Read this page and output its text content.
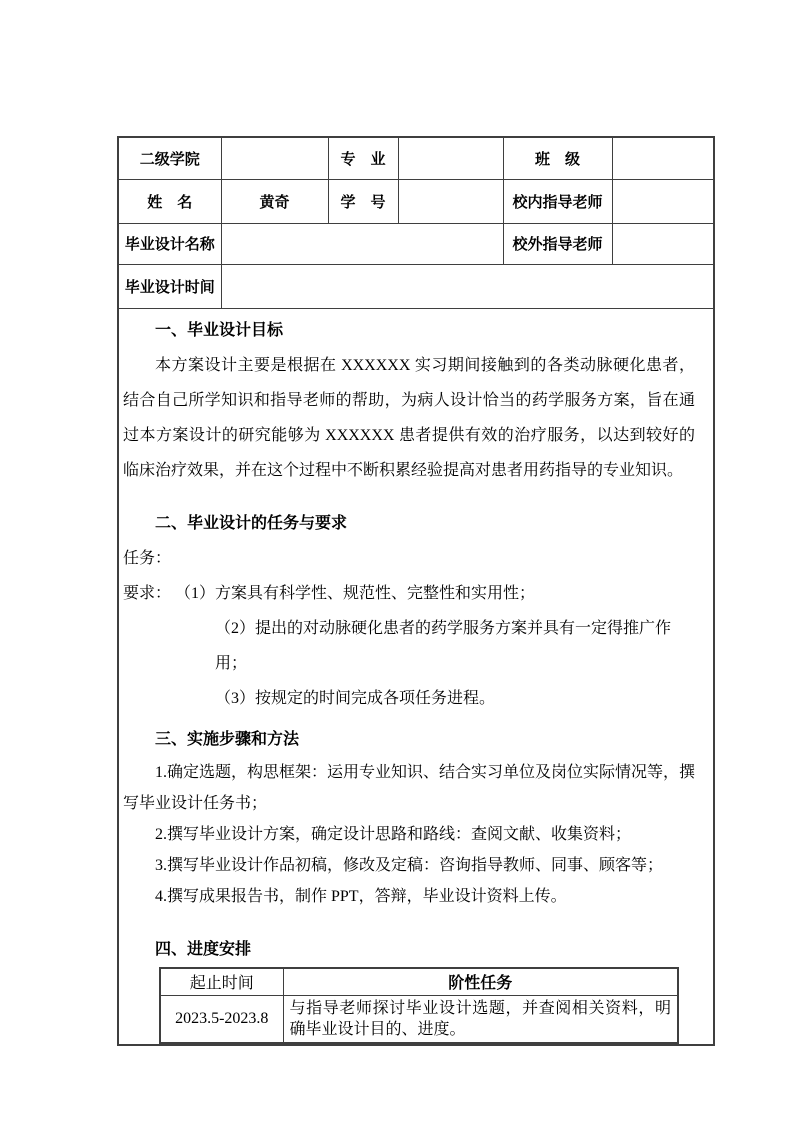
二级学院		专　业		班　级	
姓　名	黄奇	学　号		校内指导老师	
毕业设计名称		校外指导老师	
毕业设计时间	

一、毕业设计目标

本方案设计主要是根据在 XXXXXX 实习期间接触到的各类动脉硬化患者，结合自己所学知识和指导老师的帮助，为病人设计恰当的药学服务方案，旨在通过本方案设计的研究能够为 XXXXXX 患者提供有效的治疗服务，以达到较好的临床治疗效果，并在这个过程中不断积累经验提高对患者用药指导的专业知识。

二、毕业设计的任务与要求
任务：
要求： （1）方案具有科学性、规范性、完整性和实用性；
（2）提出的对动脉硬化患者的药学服务方案并具有一定得推广作用；
（3）按规定的时间完成各项任务进程。
三、实施步骤和方法

1.确定选题，构思框架：运用专业知识、结合实习单位及岗位实际情况等，撰写毕业设计任务书；

2.撰写毕业设计方案，确定设计思路和路线：查阅文献、收集资料；

3.撰写毕业设计作品初稿，修改及定稿：咨询指导教师、同事、顾客等；

4.撰写成果报告书，制作 PPT，答辩，毕业设计资料上传。

四、进度安排
起止时间	阶性任务
2023.5-2023.8	与指导老师探讨毕业设计选题，并查阅相关资料，明确毕业设计目的、进度。
